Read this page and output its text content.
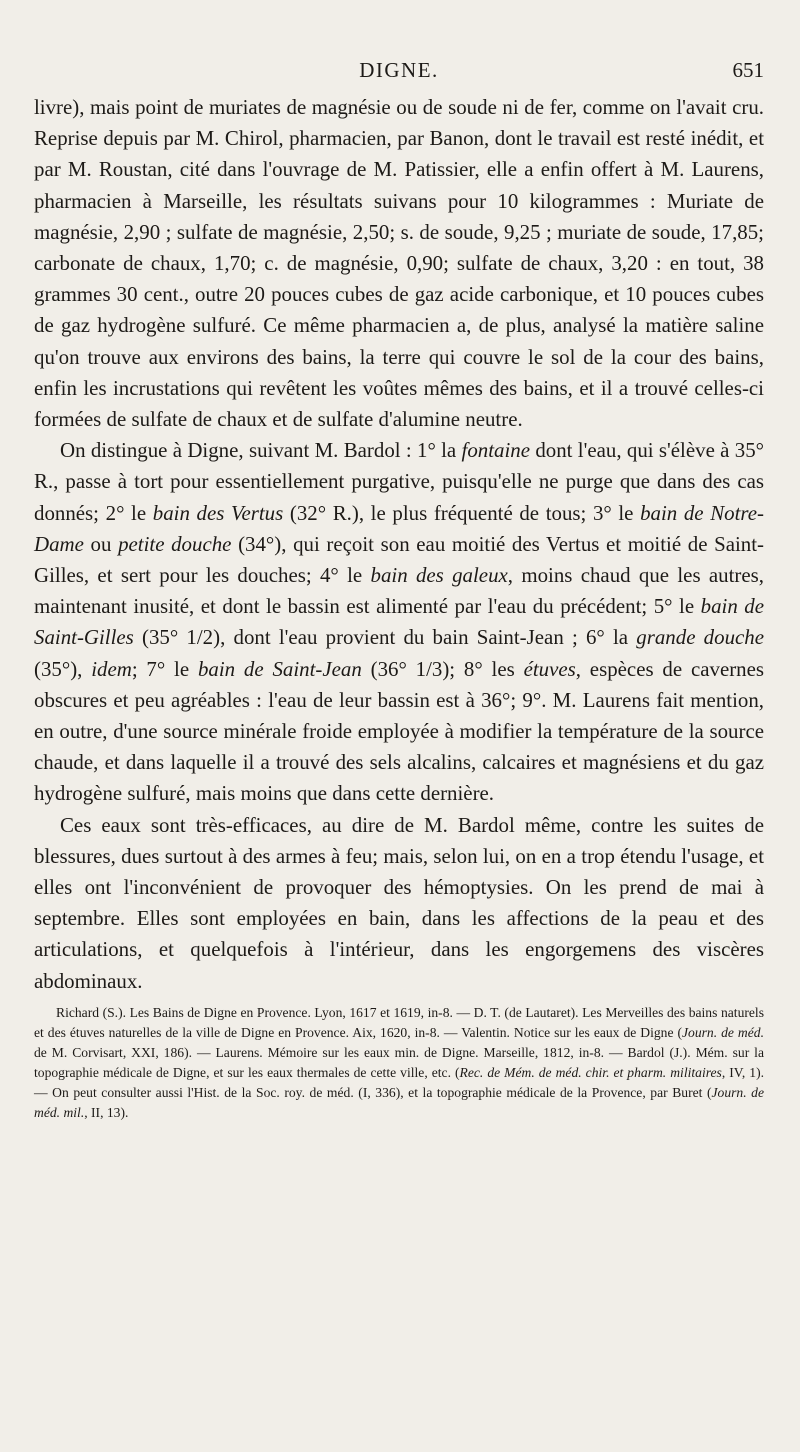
DIGNE.	651

livre), mais point de muriates de magnésie ou de soude ni de fer, comme on l'avait cru. Reprise depuis par M. Chirol, pharmacien, par Banon, dont le travail est resté inédit, et par M. Roustan, cité dans l'ouvrage de M. Patissier, elle a enfin offert à M. Laurens, pharmacien à Marseille, les résultats suivans pour 10 kilogrammes : Muriate de magnésie, 2,90 ; sulfate de magnésie, 2,50; s. de soude, 9,25 ; muriate de soude, 17,85; carbonate de chaux, 1,70; c. de magnésie, 0,90; sulfate de chaux, 3,20 : en tout, 38 grammes 30 cent., outre 20 pouces cubes de gaz acide carbonique, et 10 pouces cubes de gaz hydrogène sulfuré. Ce même pharmacien a, de plus, analysé la matière saline qu'on trouve aux environs des bains, la terre qui couvre le sol de la cour des bains, enfin les incrustations qui revêtent les voûtes mêmes des bains, et il a trouvé celles-ci formées de sulfate de chaux et de sulfate d'alumine neutre.

On distingue à Digne, suivant M. Bardol : 1° la fontaine dont l'eau, qui s'élève à 35° R., passe à tort pour essentiellement purgative, puisqu'elle ne purge que dans des cas donnés; 2° le bain des Vertus (32° R.), le plus fréquenté de tous; 3° le bain de Notre-Dame ou petite douche (34°), qui reçoit son eau moitié des Vertus et moitié de Saint-Gilles, et sert pour les douches; 4° le bain des galeux, moins chaud que les autres, maintenant inusité, et dont le bassin est alimenté par l'eau du précédent; 5° le bain de Saint-Gilles (35° 1/2), dont l'eau provient du bain Saint-Jean ; 6° la grande douche (35°), idem; 7° le bain de Saint-Jean (36° 1/3); 8° les étuves, espèces de cavernes obscures et peu agréables : l'eau de leur bassin est à 36°; 9°. M. Laurens fait mention, en outre, d'une source minérale froide employée à modifier la température de la source chaude, et dans laquelle il a trouvé des sels alcalins, calcaires et magnésiens et du gaz hydrogène sulfuré, mais moins que dans cette dernière.

Ces eaux sont très-efficaces, au dire de M. Bardol même, contre les suites de blessures, dues surtout à des armes à feu; mais, selon lui, on en a trop étendu l'usage, et elles ont l'inconvénient de provoquer des hémoptysies. On les prend de mai à septembre. Elles sont employées en bain, dans les affections de la peau et des articulations, et quelquefois à l'intérieur, dans les engorgemens des viscères abdominaux.

Richard (S.). Les Bains de Digne en Provence. Lyon, 1617 et 1619, in-8. — D. T. (de Lautaret). Les Merveilles des bains naturels et des étuves naturelles de la ville de Digne en Provence. Aix, 1620, in-8. — Valentin. Notice sur les eaux de Digne (Journ. de méd. de M. Corvisart, XXI, 186). — Laurens. Mémoire sur les eaux min. de Digne. Marseille, 1812, in-8. — Bardol (J.). Mém. sur la topographie médicale de Digne, et sur les eaux thermales de cette ville, etc. (Rec. de Mém. de méd. chir. et pharm. militaires, IV, 1). — On peut consulter aussi l'Hist. de la Soc. roy. de méd. (I, 336), et la topographie médicale de la Provence, par Buret (Journ. de méd. mil., II, 13).
